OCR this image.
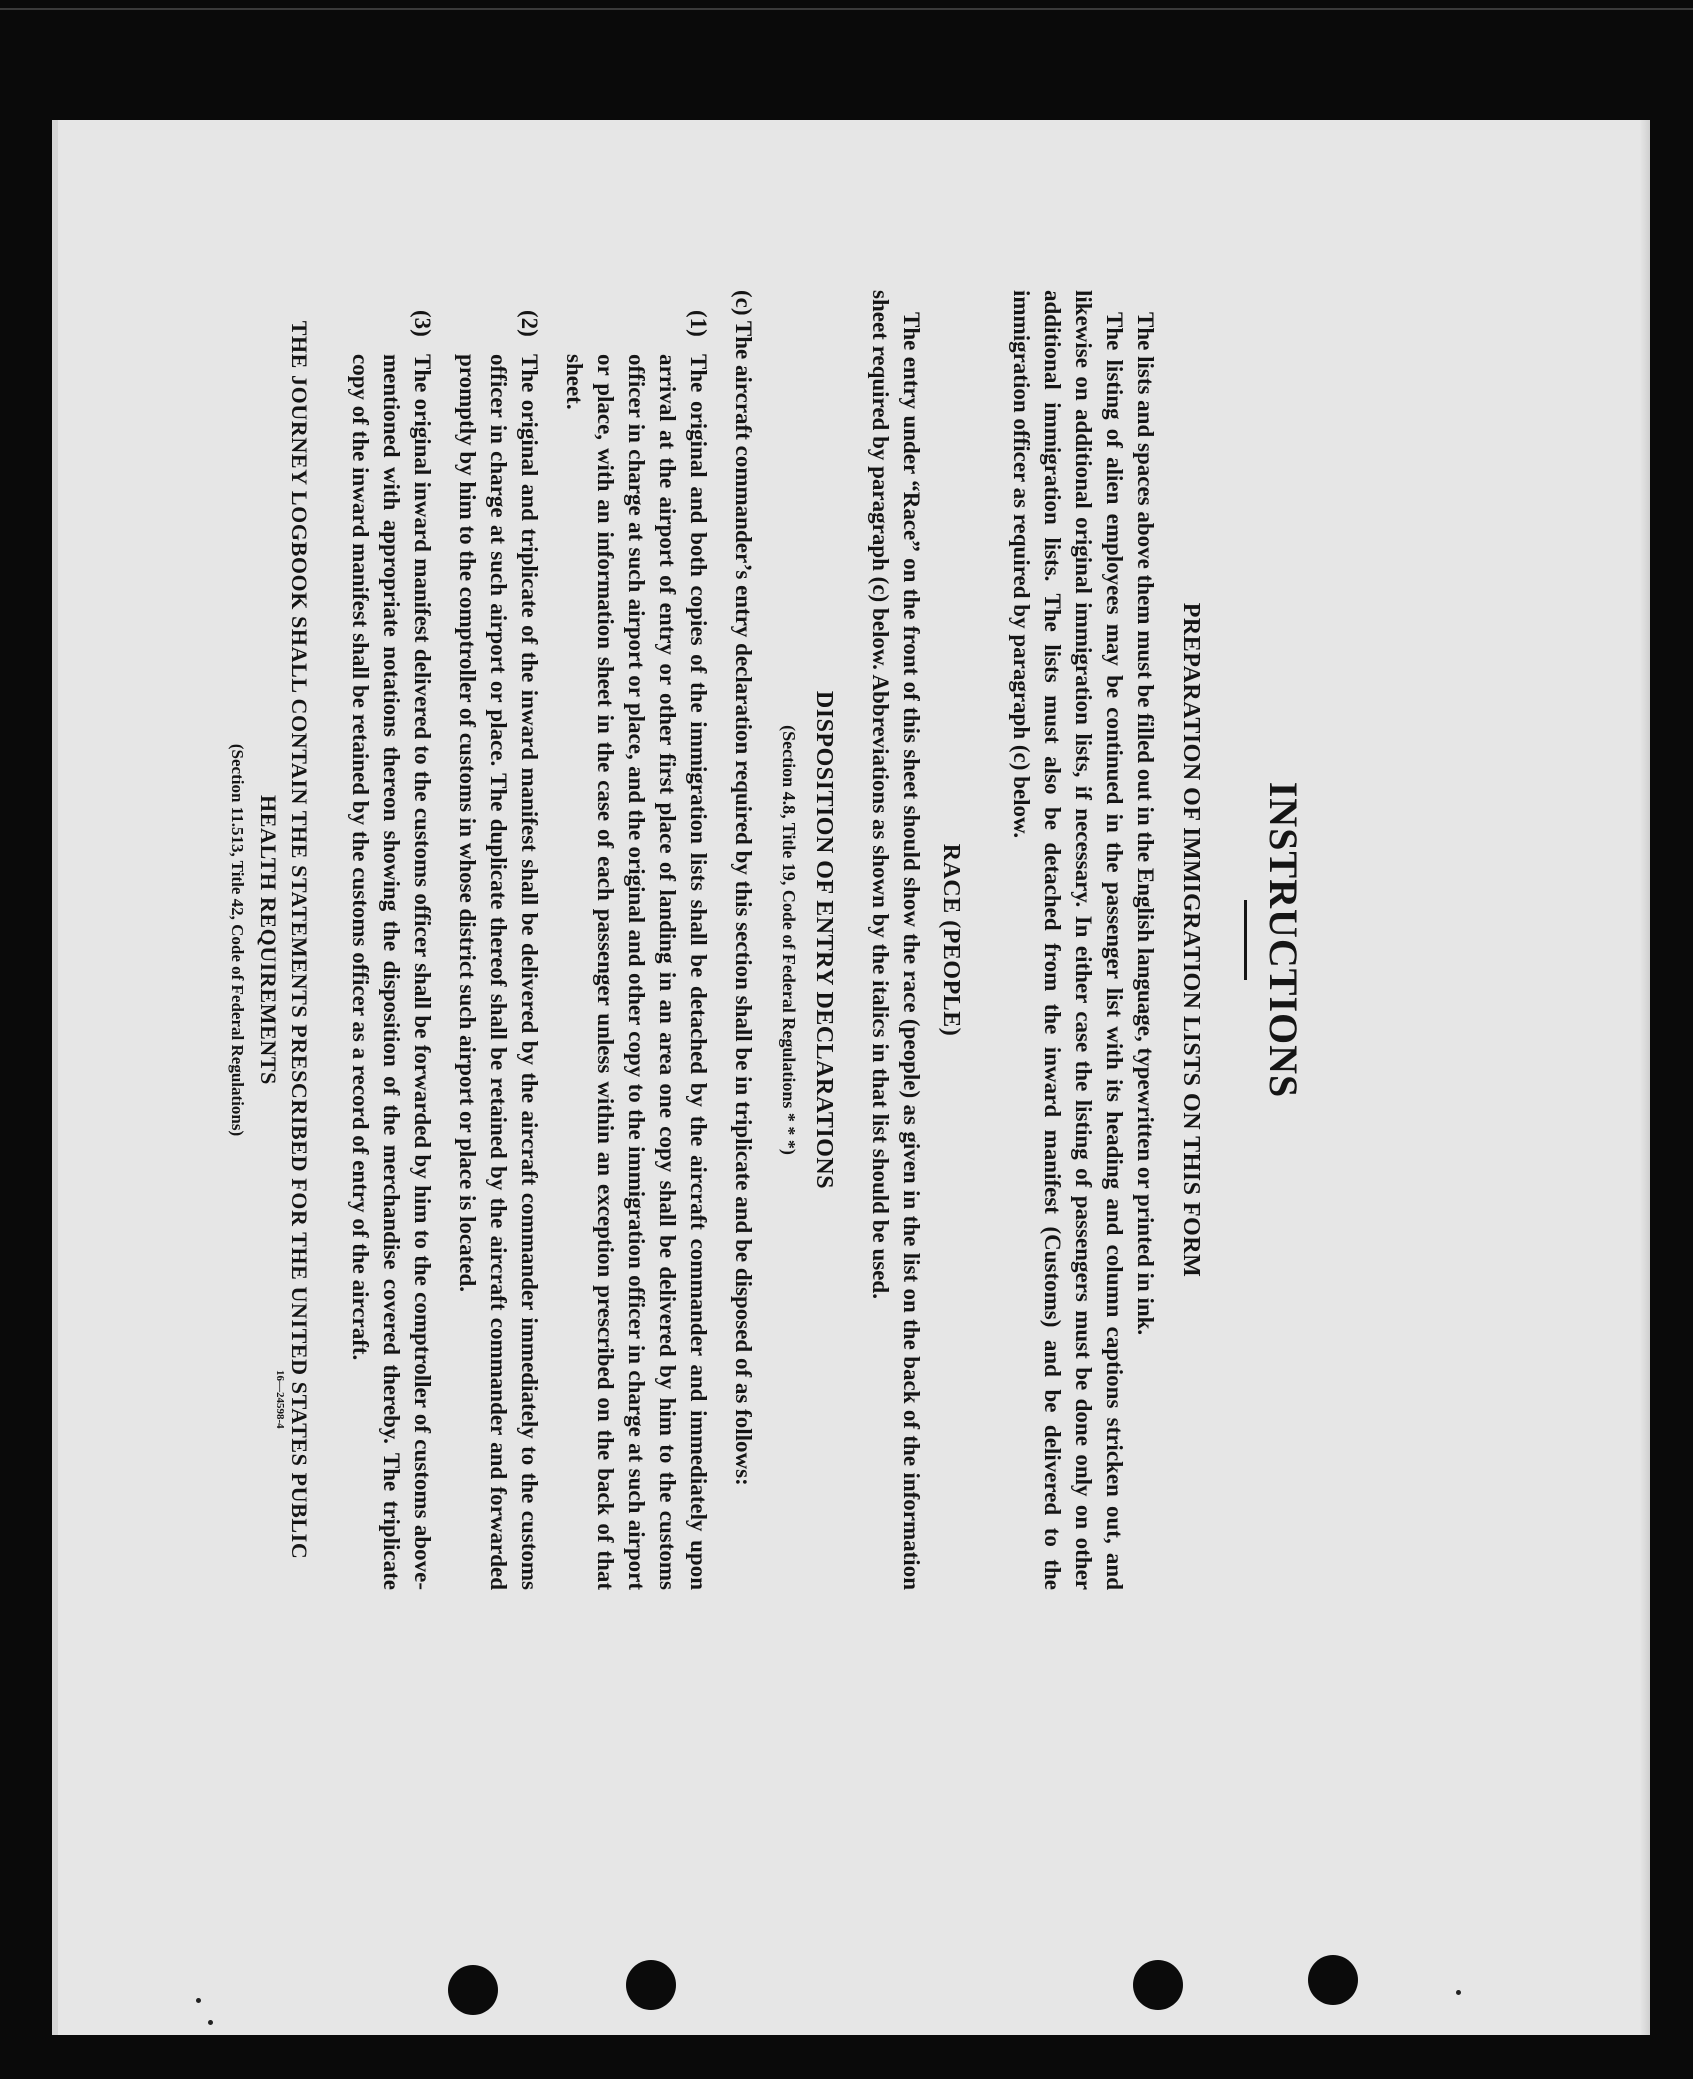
INSTRUCTIONS
PREPARATION OF IMMIGRATION LISTS ON THIS FORM

The lists and spaces above them must be filled out in the English language, typewritten or printed in ink.

The listing of alien employees may be continued in the passenger list with its heading and column captions stricken out, and likewise on additional original immigration lists, if necessary. In either case the listing of passengers must be done only on other additional immigration lists. The lists must also be detached from the inward manifest (Customs) and be delivered to the immigration officer as required by paragraph (c) below.

RACE (PEOPLE)

The entry under “Race” on the front of this sheet should show the race (people) as given in the list on the back of the information sheet required by paragraph (c) below. Abbreviations as shown by the italics in that list should be used.

DISPOSITION OF ENTRY DECLARATIONS
(Section 4.8, Title 19, Code of Federal Regulations * * *)

(c) The aircraft commander’s entry declaration required by this section shall be in triplicate and be disposed of as follows:

(1)

The original and both copies of the immigration lists shall be detached by the aircraft commander and immediately upon arrival at the airport of entry or other first place of landing in an area one copy shall be delivered by him to the customs officer in charge at such airport or place, and the original and other copy to the immigration officer in charge at such airport or place, with an information sheet in the case of each passenger unless within an exception prescribed on the back of that sheet.

(2)

The original and triplicate of the inward manifest shall be delivered by the aircraft commander immediately to the customs officer in charge at such airport or place. The duplicate thereof shall be retained by the aircraft commander and forwarded promptly by him to the comptroller of customs in whose district such airport or place is located.

(3)

The original inward manifest delivered to the customs officer shall be forwarded by him to the comptroller of customs above-mentioned with appropriate notations thereon showing the disposition of the merchandise covered thereby. The triplicate copy of the inward manifest shall be retained by the customs officer as a record of entry of the aircraft.

THE JOURNEY LOGBOOK SHALL CONTAIN THE STATEMENTS PRESCRIBED FOR THE UNITED STATES PUBLIC HEALTH REQUIREMENTS
(Section 11.513, Title 42, Code of Federal Regulations)
16—24598-4
